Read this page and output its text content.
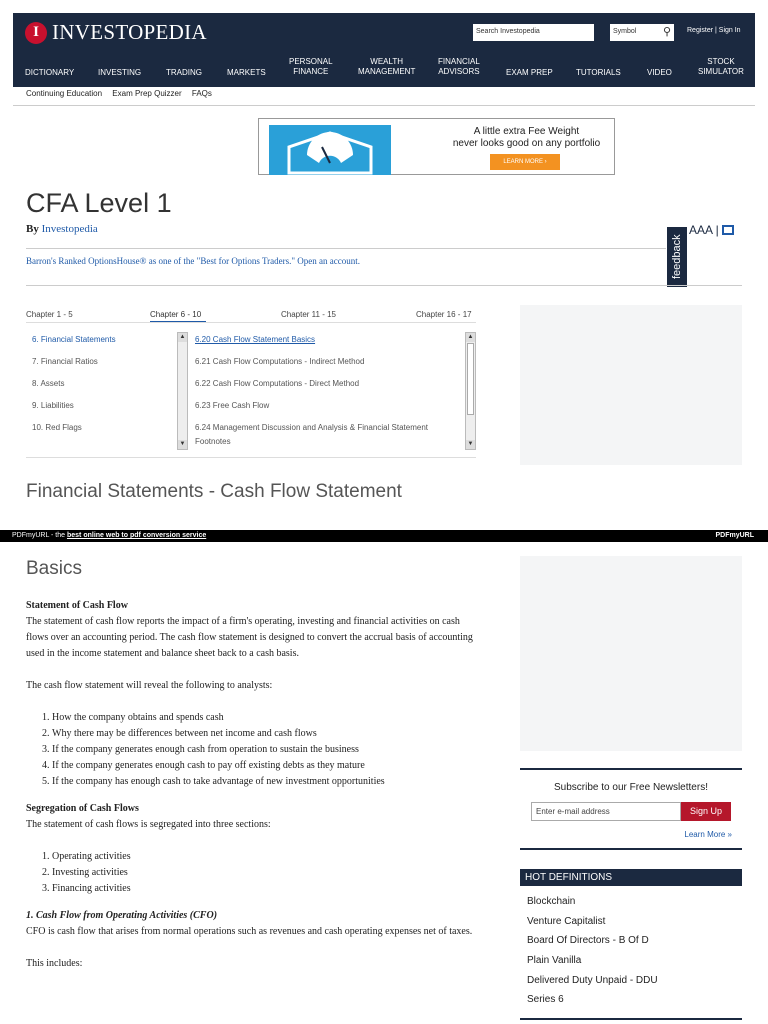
I INVESTOPEDIA	Search Investopedia	Symbol ⚲ Register | Sign In
DICTIONARY	INVESTING	TRADING	MARKETS
PERSONAL
FINANCE
WEALTH
MANAGEMENT
FINANCIAL
ADVISORS	EXAM PREP	TUTORIALS	VIDEO
STOCK
SIMULATOR
Continuing Education Exam Prep Quizzer FAQs
A little extra Fee Weight
never looks good on any portfolio
LEARN MORE ›
CFA Level 1
By Investopedia	AAA |
feedback
Barron's Ranked OptionsHouse® as one of the "Best for Options Traders." Open an account.
Chapter 1 - 5	Chapter 6 - 10	Chapter 11 - 15	Chapter 16 - 17
6. Financial Statements
7. Financial Ratios
8. Assets
9. Liabilities
10. Red Flags
▲
▼
6.20 Cash Flow Statement Basics
6.21 Cash Flow Computations - Indirect Method
6.22 Cash Flow Computations - Direct Method
6.23 Free Cash Flow
6.24 Management Discussion and Analysis & Financial Statement Footnotes
▲
▼
Financial Statements - Cash Flow Statement
PDFmyURL - the best online web to pdf conversion service	PDFmyURL
Basics
Statement of Cash Flow

The statement of cash flow reports the impact of a firm's operating, investing and financial activities on cash flows over an accounting period. The cash flow statement is designed to convert the accrual basis of accounting used in the income statement and balance sheet back to a cash basis.

The cash flow statement will reveal the following to analysts:

1. How the company obtains and spends cash
2. Why there may be differences between net income and cash flows
3. If the company generates enough cash from operation to sustain the business
4. If the company generates enough cash to pay off existing debts as they mature
5. If the company has enough cash to take advantage of new investment opportunities
Segregation of Cash Flows

The statement of cash flows is segregated into three sections:

1. Operating activities
2. Investing activities
3. Financing activities
1. Cash Flow from Operating Activities (CFO)

CFO is cash flow that arises from normal operations such as revenues and cash operating expenses net of taxes.

This includes:

Subscribe to our Free Newsletters!
Enter e-mail address	Sign Up
Learn More »
HOT DEFINITIONS
Blockchain
Venture Capitalist
Board Of Directors - B Of D
Plain Vanilla
Delivered Duty Unpaid - DDU
Series 6
